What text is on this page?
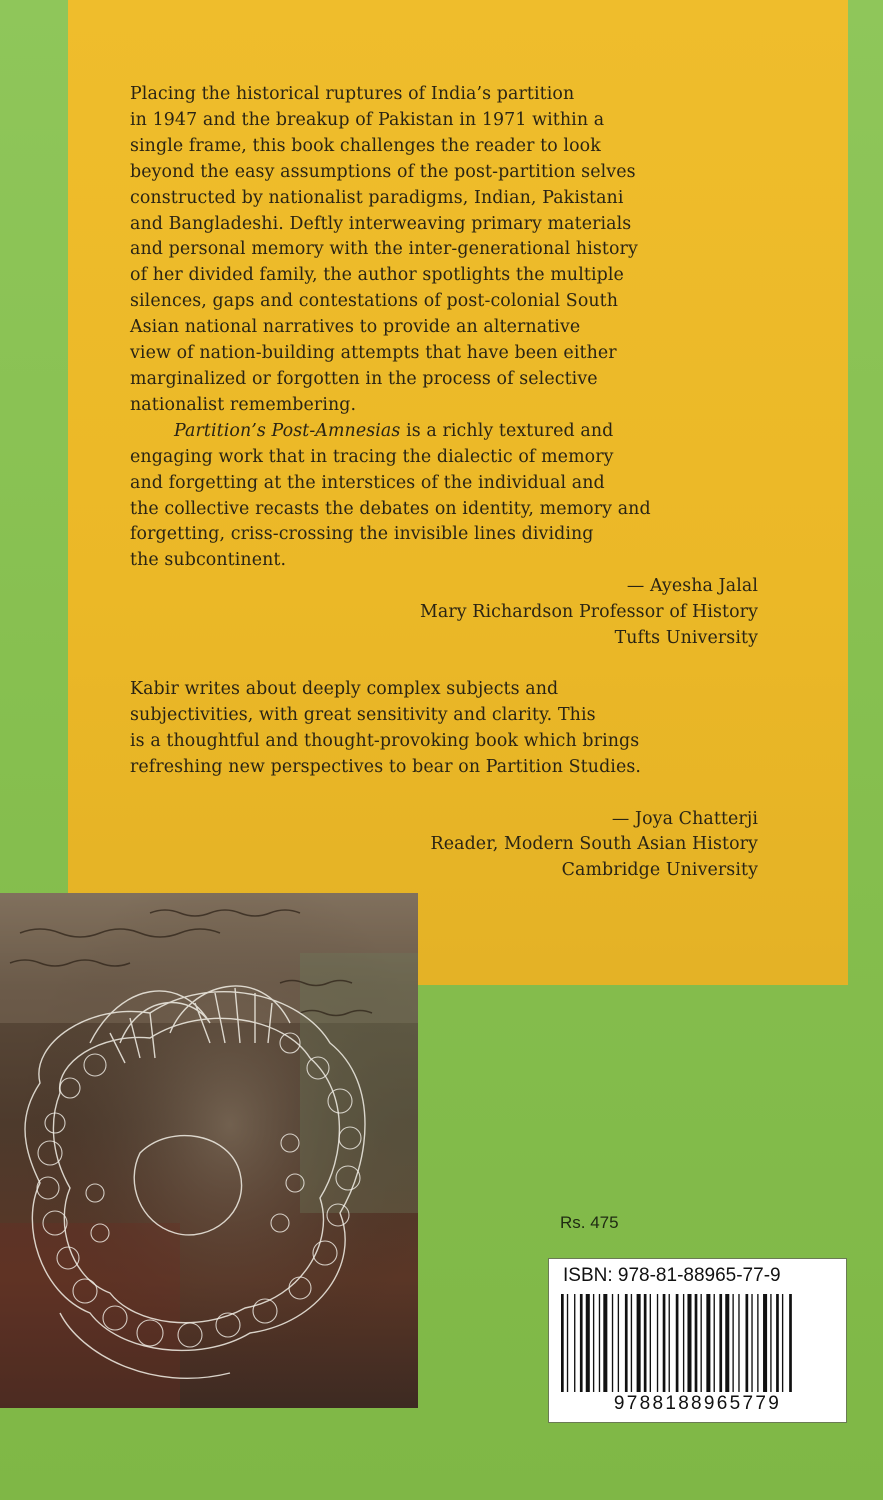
Placing the historical ruptures of India’s partition
in 1947 and the breakup of Pakistan in 1971 within a
single frame, this book challenges the reader to look
beyond the easy assumptions of the post-partition selves
constructed by nationalist paradigms, Indian, Pakistani
and Bangladeshi. Deftly interweaving primary materials
and personal memory with the inter-generational history
of her divided family, the author spotlights the multiple
silences, gaps and contestations of post-colonial South
Asian national narratives to provide an alternative
view of nation-building attempts that have been either
marginalized or forgotten in the process of selective
nationalist remembering.

Partition’s Post-Amnesias is a richly textured and
engaging work that in tracing the dialectic of memory
and forgetting at the interstices of the individual and
the collective recasts the debates on identity, memory and
forgetting, criss-crossing the invisible lines dividing
the subcontinent.

— Ayesha Jalal
Mary Richardson Professor of History
Tufts University

Kabir writes about deeply complex subjects and
subjectivities, with great sensitivity and clarity. This
is a thoughtful and thought-provoking book which brings
refreshing new perspectives to bear on Partition Studies.

— Joya Chatterji
Reader, Modern South Asian History
Cambridge University
Rs. 475
ISBN: 978-81-88965-77-9
9788188965779
